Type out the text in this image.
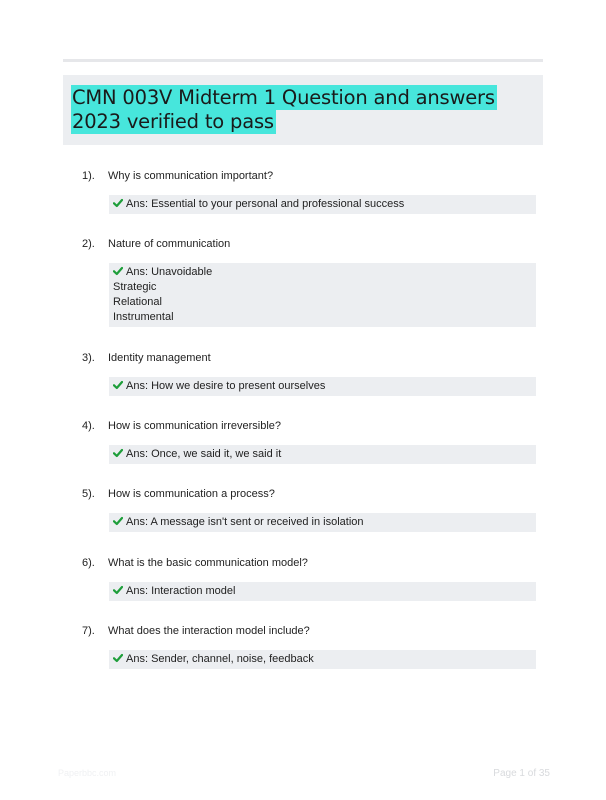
CMN 003V Midterm 1 Question and answers 2023 verified to pass
1). Why is communication important?
Ans: Essential to your personal and professional success
2). Nature of communication
Ans: Unavoidable
Strategic
Relational
Instrumental
3). Identity management
Ans: How we desire to present ourselves
4). How is communication irreversible?
Ans: Once, we said it, we said it
5). How is communication a process?
Ans: A message isn't sent or received in isolation
6). What is the basic communication model?
Ans: Interaction model
7). What does the interaction model include?
Ans: Sender, channel, noise, feedback
Paperbbc.com	Page 1 of 35
